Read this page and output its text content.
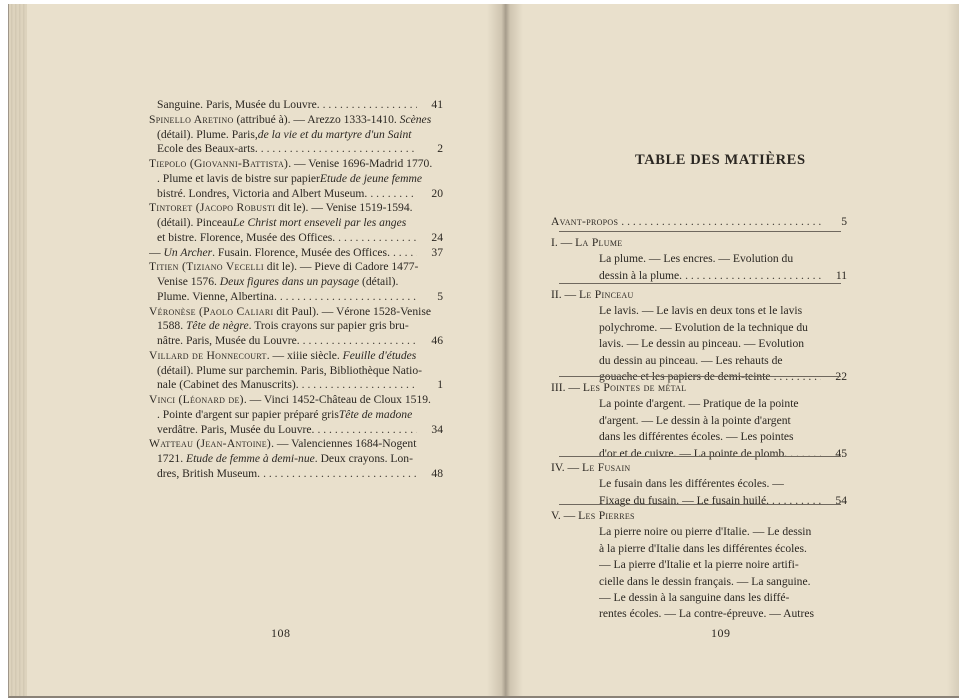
Sanguine. Paris, Musée du Louvre. . . .	41
Spinello Aretino (attribué à). — Arezzo 1333-1410. Scènes
(détail). Plume. Paris,de la vie et du martyre d'un Saint
Ecole des Beaux-arts. . . .	2
Tiepolo (Giovanni-Battista). — Venise 1696-Madrid 1770.
. Plume et lavis de bistre sur papierEtude de jeune femme
bistré. Londres, Victoria and Albert Museum. . . .	20
Tintoret (Jacopo Robusti dit le). — Venise 1519-1594.
(détail). PinceauLe Christ mort enseveli par les anges
et bistre. Florence, Musée des Offices. . . .	24
— Un Archer. Fusain. Florence, Musée des Offices. . . .	37
Titien (Tiziano Vecelli dit le). — Pieve di Cadore 1477-
Venise 1576. Deux figures dans un paysage (détail).
Plume. Vienne, Albertina. . . .	5
Véronèse (Paolo Caliari dit Paul). — Vérone 1528-Venise
1588. Tête de nègre. Trois crayons sur papier gris bru-
nâtre. Paris, Musée du Louvre. . . .	46
Villard de Honnecourt. — xiiie siècle. Feuille d'études
(détail). Plume sur parchemin. Paris, Bibliothèque Natio-
nale (Cabinet des Manuscrits). . . .	1
Vinci (Léonard de). — Vinci 1452-Château de Cloux 1519.
. Pointe d'argent sur papier préparé grisTête de madone
verdâtre. Paris, Musée du Louvre. . . .	34
Watteau (Jean-Antoine). — Valenciennes 1684-Nogent
1721. Etude de femme à demi-nue. Deux crayons. Lon-
dres, British Museum. . . .	48
108
TABLE DES MATIÈRES
Avant-propos . . .	5
I. — La Plume
La plume. — Les encres. — Evolution du
dessin à la plume. . . .	11
II. — Le Pinceau
Le lavis. — Le lavis en deux tons et le lavis
polychrome. — Evolution de la technique du
lavis. — Le dessin au pinceau. — Evolution
du dessin au pinceau. — Les rehauts de
gouache et les papiers de demi-teinte . . .	22
III. — Les Pointes de métal
La pointe d'argent. — Pratique de la pointe
d'argent. — Le dessin à la pointe d'argent
dans les différentes écoles. — Les pointes
d'or et de cuivre. — La pointe de plomb. . . .	45
IV. — Le Fusain
Le fusain dans les différentes écoles. —
Fixage du fusain. — Le fusain huilé. . . .	54
V. — Les Pierres
La pierre noire ou pierre d'Italie. — Le dessin
à la pierre d'Italie dans les différentes écoles.
— La pierre d'Italie et la pierre noire artifi-
cielle dans le dessin français. — La sanguine.
— Le dessin à la sanguine dans les diffé-
rentes écoles. — La contre-épreuve. — Autres
109
